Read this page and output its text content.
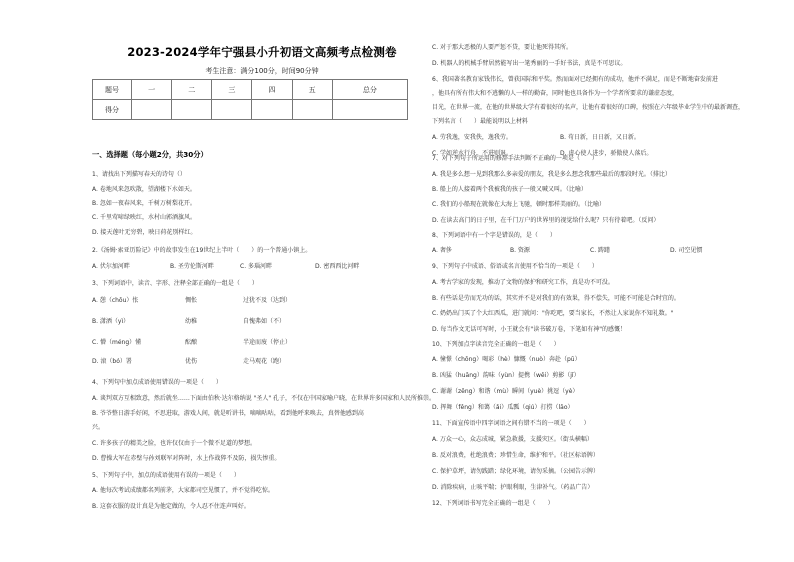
2023-2024学年宁强县小升初语文高频考点检测卷
考生注意：满分100分，时间90分钟
题号	一	二	三	四	五	总分
得分						
一、选择题（每小题2分，共30分）
1、请找出下列描写春天的诗句（）
A. 卷地风来忽吹散，望湖楼下水如天。
B. 忽如一夜春风来，千树万树梨花开。
C. 千里莺啼绿映红，水村山郭酒旗风。
D. 接天莲叶无穷碧，映日荷花别样红。
2.《汤姆·索亚历险记》中的故事发生在19世纪上半叶（　　）的一个普通小镇上。
A. 伏尔加河畔	B. 圣劳伦斯河畔	C. 多瑙河畔	D. 密西西比河畔
3、下列词语中，读音、字形、注释全部正确的一组是（　　）
A. 憩（chōu）怅	惆怅	过犹不及（达到）
B. 潇洒（yì）	幼稚	自愧弗如（不）
C. 懵（méng）懂	酝酿	半途而废（停止）
D. 滚（bó）署	优伤	走马观花（跑）
4、下列句中加点成语使用错误的一项是（　　）
A. 谈判双方互相致意，然后就坐……下面由伯秋·达尔格纳说 "圣人" 孔子，不仅在中国家喻户晓，在世界许多国家和人民所推崇。
B. 爷爷整日游手好闲，不思进取，游戏人间，就是听讲书，嘀嘀咕咕，看到他呼来唤去，真替他感到高
兴。
C. 许多孩子的精美之脸，也许仅仅由于一个微不足道的梦想。
D. 曹操大军在赤壁与孙刘联军对阵时，水上作战猝不及防，损失惨重。
5、下列句子中，加点的成语使用有误的一项是（　　）
A. 他每次考试成绩都名列前茅，大家都司空见惯了，并不觉得吃惊。
B. 这套衣服的设计真是为他定做的，令人忍不住连声叫好。
C. 对于那大恶极的人要严惩不贷，要让他死得其所。
D. 机器人的机械手臂居然能写出一笔秀丽的一手好书法，真是不可思议。
6、我国著名教育家钱伟长，曾获国际和平奖。然而面对已经拥有的成功，他并不满足，而是不断地奋发前进
，他具有所有伟大和不逃懒的人一样的勤奋，同时他也具备作为一个学者所要求的谦虚态度，
目光，在世界一流，在他的世界级大学有着很好的名声，让他有着很好的口碑，按照在六年级毕业学生中的最新调查，
下列名言（　　）最能说明以上材料
A. 劳我逸，安我佚，逸我劳。	B. 苟日新，日日新，又日新。
C. 学如逆水行舟，不进则退。	D. 虚心使人进步，骄傲使人落后。
7、对下列句子所运用的修辞手法判断不正确的一项是（　　）
A. 我是多么想一见到我那么多亲爱的朋友，我是多么想念我那些最后的那段时光。（排比）
B. 船上的人接着两个我被我的孩子一般又喊又叫。（比喻）
C. 我们的小船现在就像在大海上飞驰，顿时那样美丽的。（比喻）
D. 在读去高门的日子里，在千门万户的世界里的视觉给什么呢？只有待着吧。（反问）
8、下列词语中有一个字是错误的，是（　　）
A. 奢侈	B. 资源	C. 踌躇	D. 司空见惯
9、下列句子中成语、俗语或名言使用不恰当的一项是（　　）
A. 考古学家的发现，推动了文物的保护和研究工作，真是功不可没。
B. 有些话是劳而无功的话，其实并不是对我们的有效果，得不偿失，可能不可能是合时宜的。
C. 奶奶出门买了个大红西瓜，进门就问："你吃吧，要当家长，不然让人家说你不知礼数。"
D. 每当作文无话可写时，小王就会有"读书破万卷，下笔如有神"的感慨！
10、下列加点字读音完全正确的一组是（　　）
A. 憧憬（chōng）喝彩（hè）慷慨（nuò）奔赴（pū）
B. 凶猛（huāng）韵味（yùn）提携（wěi）剪影（jǐ）
C. 谢谢（zēng）和谐（mù）瞬间（yuè）挑逗（yè）
D. 挥舞（fěng）和蔼（ǎi）瓜瓢（qiú）打捞（lāo）
11、下面宣传语中四字词语之间有错不当的一项是（　　）
A. 万众一心，众志成城，紧急救援，支援灾区。（街头横幅）
B. 反对浪费，杜绝浪费；珍惜生命，维护和平。（社区标语牌）
C. 保护草坪，请勿践踏；绿化环境，请勿采摘。（公园告示牌）
D. 消除疾病，止咳平喘；护眼利眼，生津补气。（药品广告）
12、下列词语书写完全正确的一组是（　　）
